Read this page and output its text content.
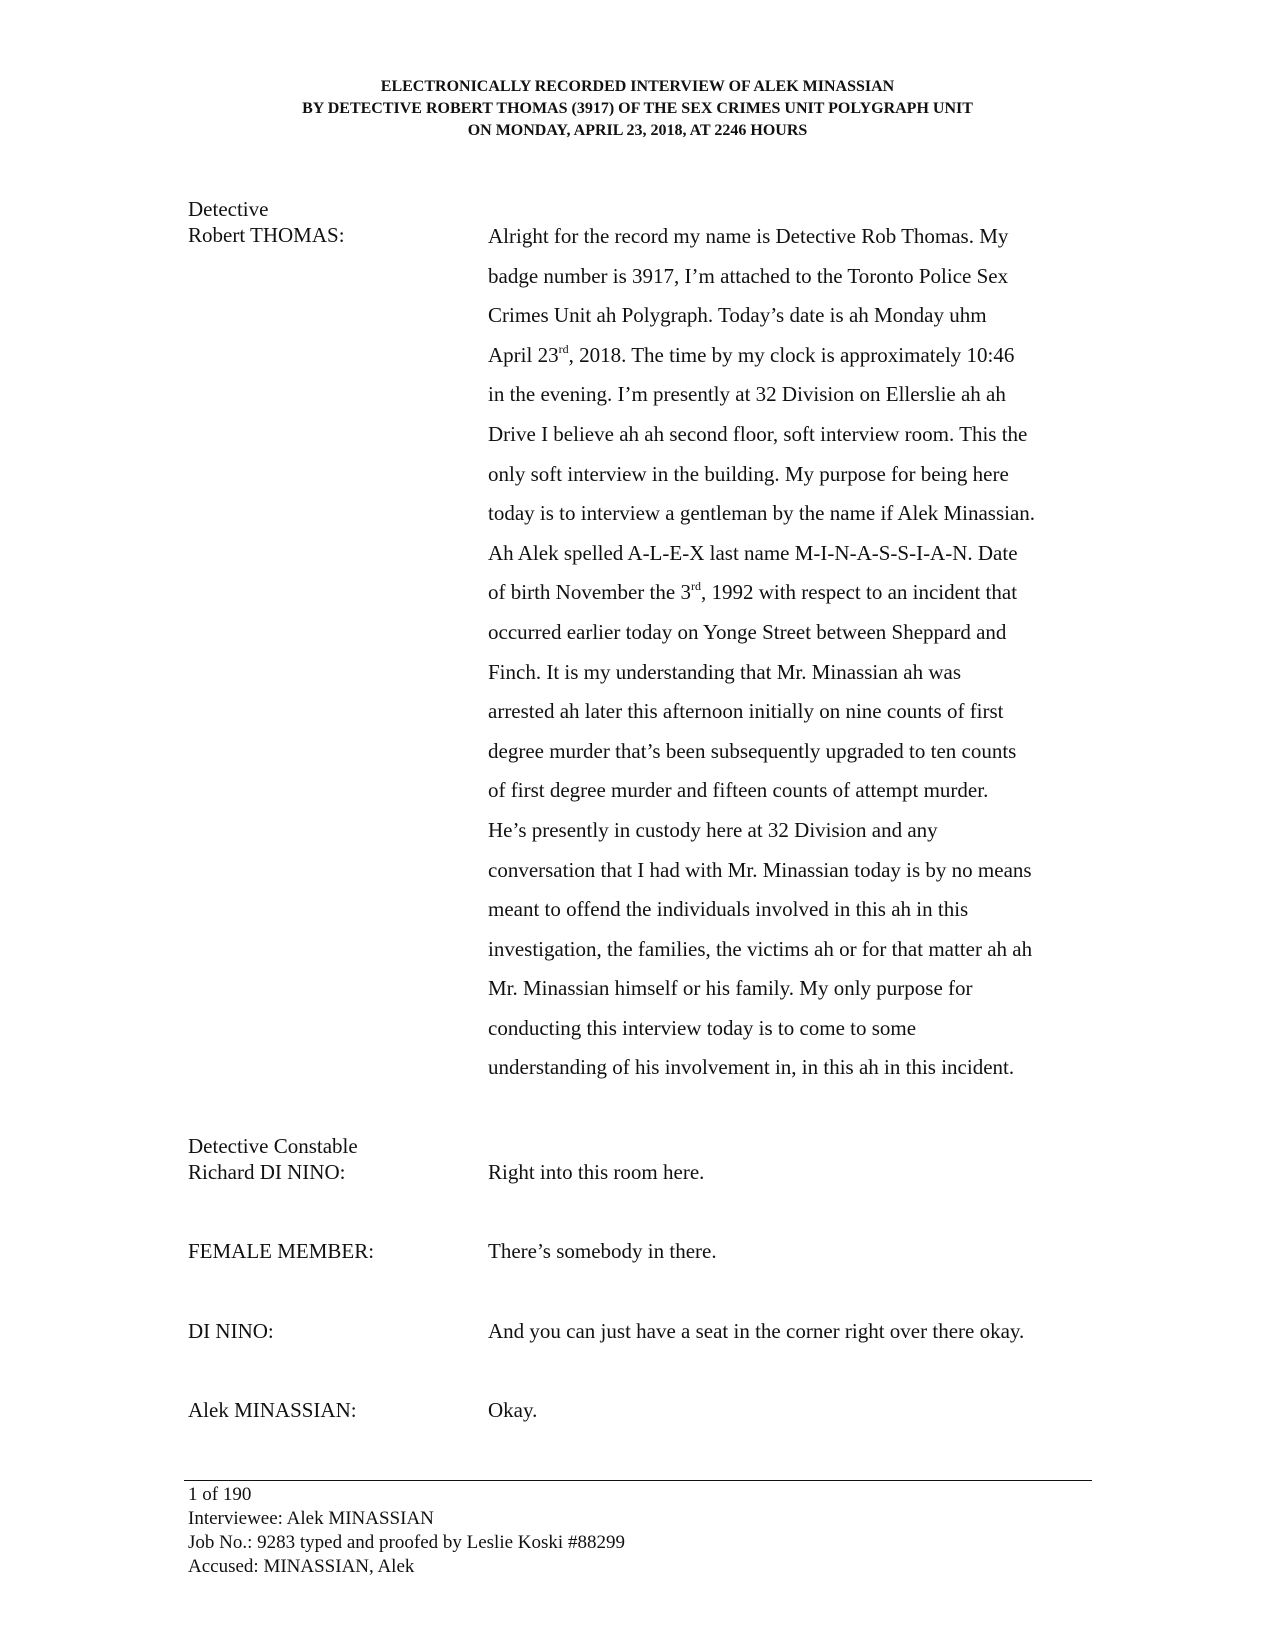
ELECTRONICALLY RECORDED INTERVIEW OF ALEK MINASSIAN
BY DETECTIVE ROBERT THOMAS (3917) OF THE SEX CRIMES UNIT POLYGRAPH UNIT
ON MONDAY, APRIL 23, 2018, AT 2246 HOURS
Detective
Robert THOMAS:	Alright for the record my name is Detective Rob Thomas. My
badge number is 3917, I’m attached to the Toronto Police Sex
Crimes Unit ah Polygraph. Today’s date is ah Monday uhm
April 23rd, 2018. The time by my clock is approximately 10:46
in the evening. I’m presently at 32 Division on Ellerslie ah ah
Drive I believe ah ah second floor, soft interview room. This the
only soft interview in the building. My purpose for being here
today is to interview a gentleman by the name if Alek Minassian.
Ah Alek spelled A-L-E-X last name M-I-N-A-S-S-I-A-N. Date
of birth November the 3rd, 1992 with respect to an incident that
occurred earlier today on Yonge Street between Sheppard and
Finch. It is my understanding that Mr. Minassian ah was
arrested ah later this afternoon initially on nine counts of first
degree murder that’s been subsequently upgraded to ten counts
of first degree murder and fifteen counts of attempt murder.
He’s presently in custody here at 32 Division and any
conversation that I had with Mr. Minassian today is by no means
meant to offend the individuals involved in this ah in this
investigation, the families, the victims ah or for that matter ah ah
Mr. Minassian himself or his family. My only purpose for
conducting this interview today is to come to some
understanding of his involvement in, in this ah in this incident.
Detective Constable
Richard DI NINO:	Right into this room here.
FEMALE MEMBER:	There’s somebody in there.
DI NINO:	And you can just have a seat in the corner right over there okay.
Alek MINASSIAN:	Okay.
1 of 190
Interviewee: Alek MINASSIAN
Job No.: 9283 typed and proofed by Leslie Koski #88299
Accused: MINASSIAN, Alek
